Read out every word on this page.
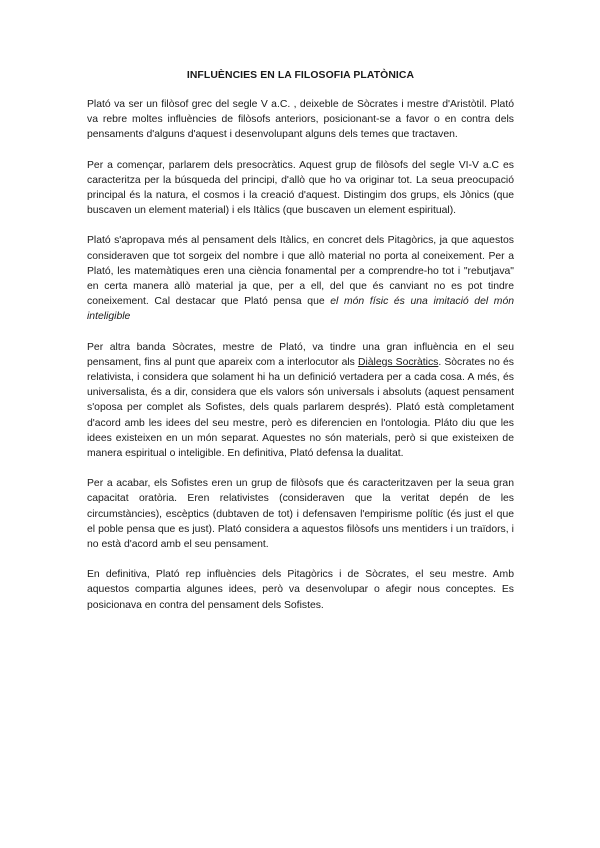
INFLUÈNCIES EN LA FILOSOFIA PLATÒNICA

Plató va ser un filòsof grec del segle V a.C. , deixeble de Sòcrates i mestre d'Aristòtil. Plató va rebre moltes influències de filòsofs anteriors, posicionant-se a favor o en contra dels pensaments d'alguns d'aquest i desenvolupant alguns dels temes que tractaven.

Per a començar, parlarem dels presocràtics. Aquest grup de filòsofs del segle VI-V a.C es caracteritza per la búsqueda del principi, d'allò que ho va originar tot. La seua preocupació principal és la natura, el cosmos i la creació d'aquest. Distingim dos grups, els Jònics (que buscaven un element material) i els Itàlics (que buscaven un element espiritual).

Plató s'apropava més al pensament dels Itàlics, en concret dels Pitagòrics, ja que aquestos consideraven que tot sorgeix del nombre i que allò material no porta al coneixement. Per a Plató, les matemàtiques eren una ciència fonamental per a comprendre-ho tot i "rebutjava" en certa manera allò material ja que, per a ell, del que és canviant no es pot tindre coneixement. Cal destacar que Plató pensa que el món físic és una imitació del món inteligible

Per altra banda Sòcrates, mestre de Plató, va tindre una gran influència en el seu pensament, fins al punt que apareix com a interlocutor als Diàlegs Socràtics. Sòcrates no és relativista, i considera que solament hi ha un definició vertadera per a cada cosa. A més, és universalista, és a dir, considera que els valors són universals i absoluts (aquest pensament s'oposa per complet als Sofistes, dels quals parlarem després). Plató està completament d'acord amb les idees del seu mestre, però es diferencien en l'ontologia. Pláto diu que les idees existeixen en un món separat. Aquestes no són materials, però si que existeixen de manera espiritual o inteligible. En definitiva, Plató defensa la dualitat.

Per a acabar, els Sofistes eren un grup de filòsofs que és caracteritzaven per la seua gran capacitat oratòria. Eren relativistes (consideraven que la veritat depén de les circumstàncies), escèptics (dubtaven de tot) i defensaven l'empirisme polític (és just el que el poble pensa que es just). Plató considera a aquestos filòsofs uns mentiders i un traïdors, i no està d'acord amb el seu pensament.

En definitiva, Plató rep influències dels Pitagòrics i de Sòcrates, el seu mestre. Amb aquestos compartia algunes idees, però va desenvolupar o afegir nous conceptes. Es posicionava en contra del pensament dels Sofistes.
